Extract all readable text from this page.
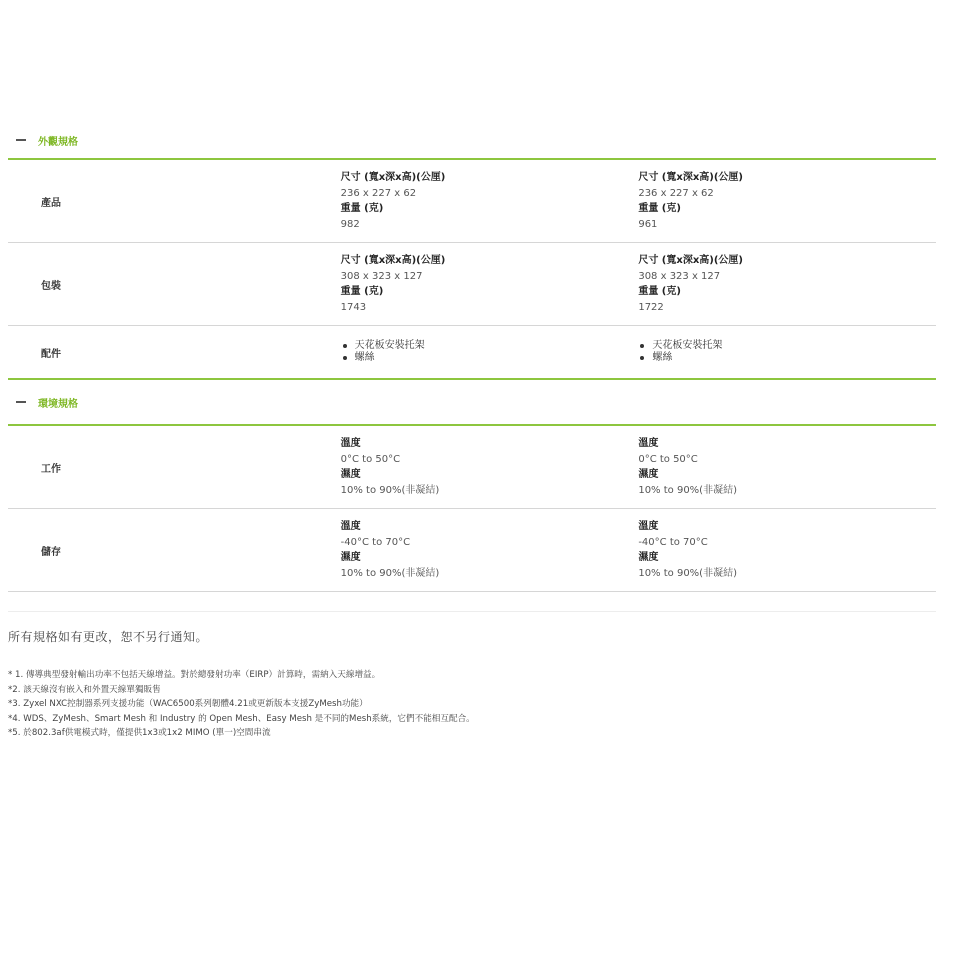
外觀規格
產品
尺寸 (寬x深x高)(公厘)
236 x 227 x 62
重量 (克)
982
尺寸 (寬x深x高)(公厘)
236 x 227 x 62
重量 (克)
961
包裝
尺寸 (寬x深x高)(公厘)
308 x 323 x 127
重量 (克)
1743
尺寸 (寬x深x高)(公厘)
308 x 323 x 127
重量 (克)
1722
配件
天花板安裝托架
螺絲
天花板安裝托架
螺絲
環境規格
工作
溫度
0°C to 50°C
濕度
10% to 90%(非凝結)
溫度
0°C to 50°C
濕度
10% to 90%(非凝結)
儲存
溫度
-40°C to 70°C
濕度
10% to 90%(非凝結)
溫度
-40°C to 70°C
濕度
10% to 90%(非凝結)
所有規格如有更改，恕不另行通知。
* 1. 傳導典型發射輸出功率不包括天線增益。對於總發射功率（EIRP）計算時，需納入天線增益。
*2. 該天線沒有嵌入和外置天線單獨販售
*3. Zyxel NXC控制器系列支援功能（WAC6500系列韌體4.21或更新版本支援ZyMesh功能）
*4. WDS、ZyMesh、Smart Mesh 和 Industry 的 Open Mesh、Easy Mesh 是不同的Mesh系統，它們不能相互配合。
*5. 於802.3af供電模式時，僅提供1x3或1x2 MIMO (單一)空間串流
